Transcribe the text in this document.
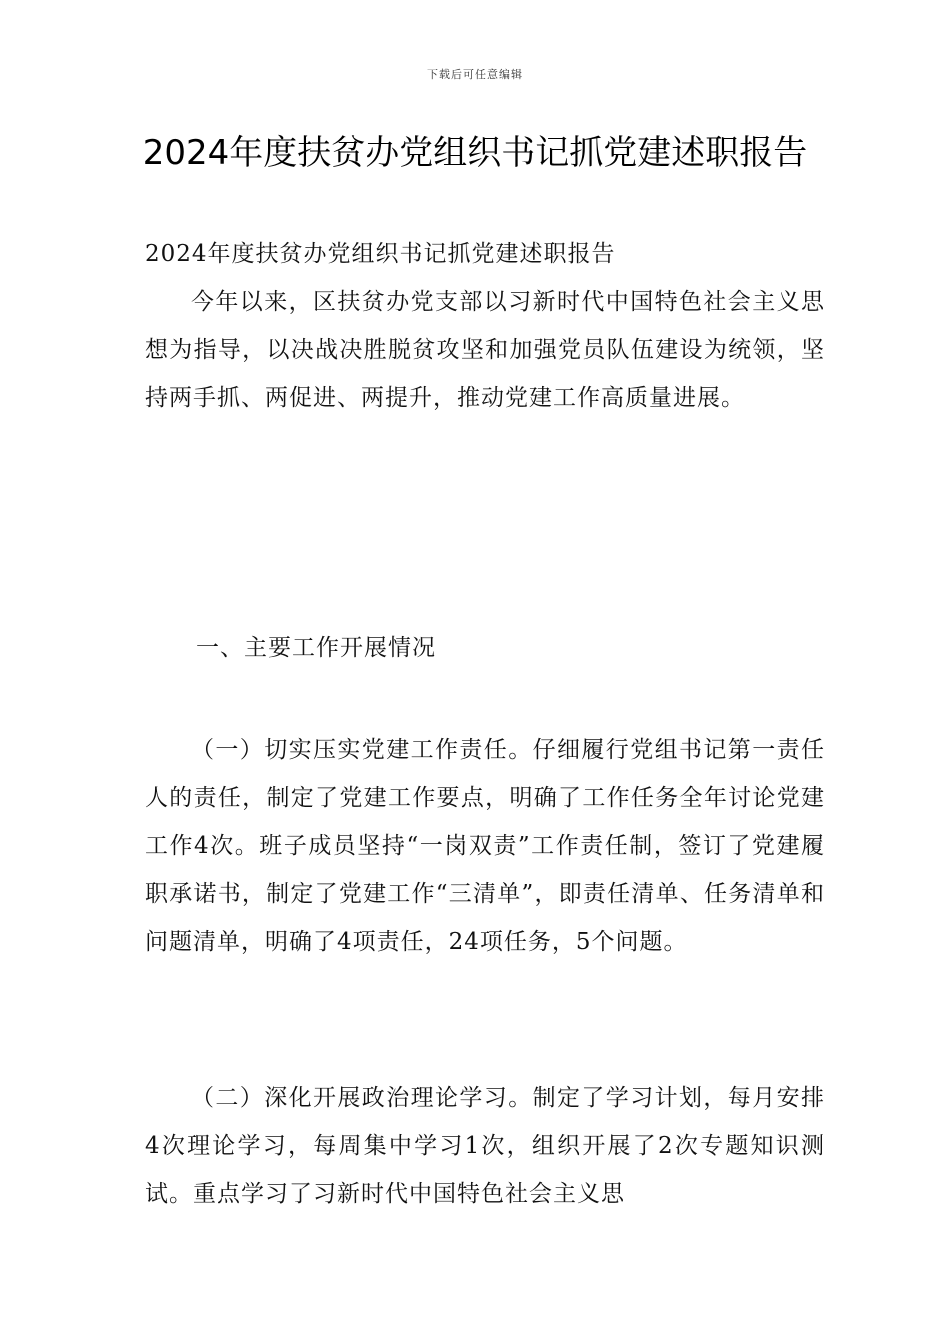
下载后可任意编辑
2024年度扶贫办党组织书记抓党建述职报告

2024年度扶贫办党组织书记抓党建述职报告

今年以来，区扶贫办党支部以习新时代中国特色社会主义思想为指导，以决战决胜脱贫攻坚和加强党员队伍建设为统领，坚持两手抓、两促进、两提升，推动党建工作高质量进展。

一、主要工作开展情况

（一）切实压实党建工作责任。仔细履行党组书记第一责任人的责任，制定了党建工作要点，明确了工作任务全年讨论党建工作4次。班子成员坚持“一岗双责”工作责任制，签订了党建履职承诺书，制定了党建工作“三清单”，即责任清单、任务清单和问题清单，明确了4项责任，24项任务，5个问题。

（二）深化开展政治理论学习。制定了学习计划，每月安排4次理论学习，每周集中学习1次，组织开展了2次专题知识测试。重点学习了习新时代中国特色社会主义思
